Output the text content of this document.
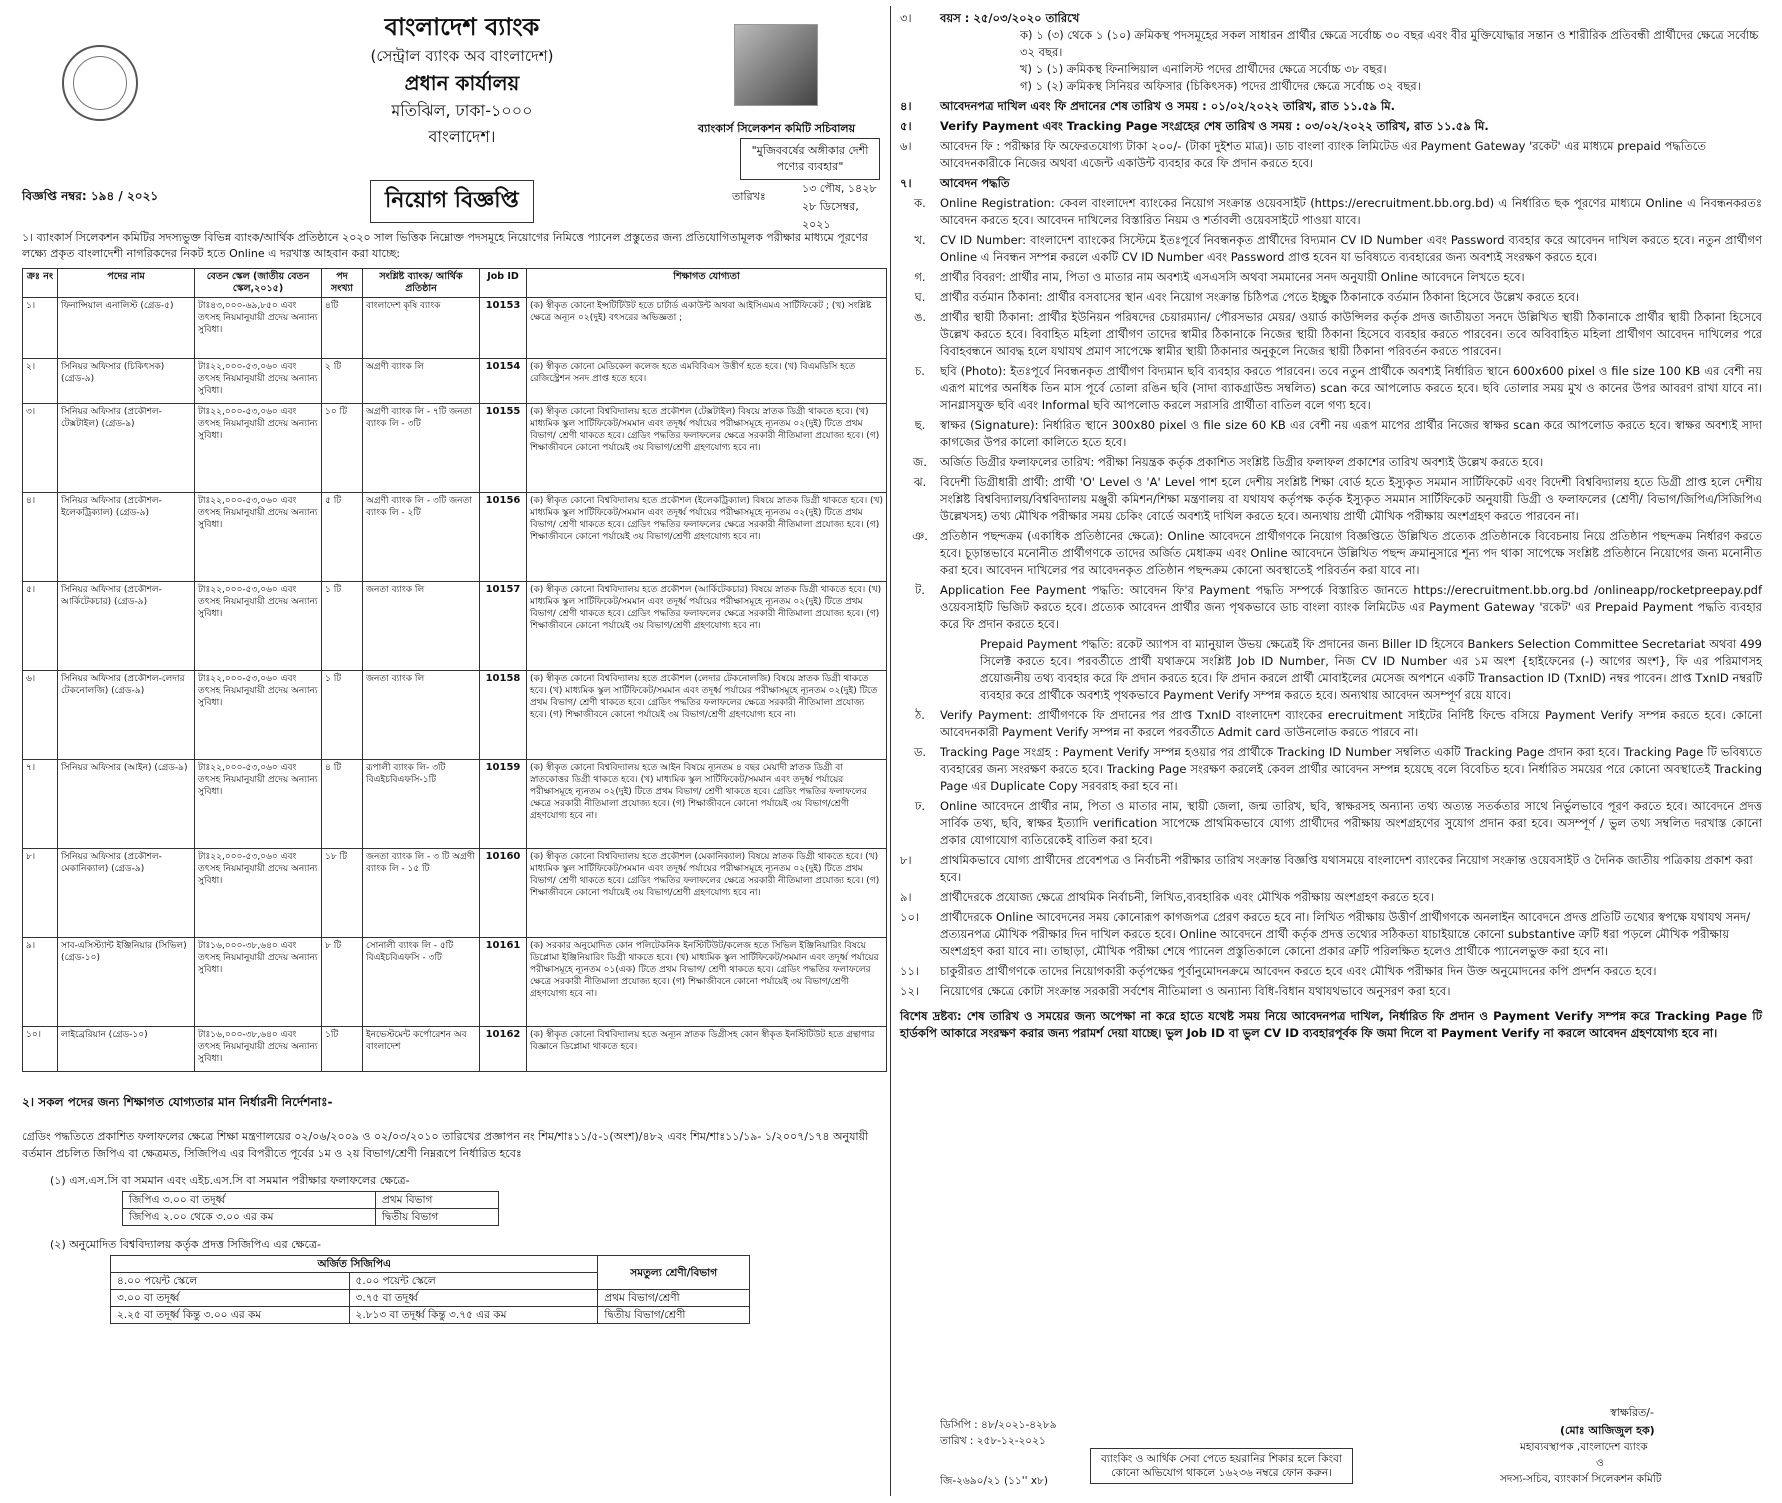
বাংলাদেশ ব্যাংক
(সেন্ট্রাল ব্যাংক অব বাংলাদেশ)
প্রধান কার্যালয়
মতিঝিল, ঢাকা-১০০০
বাংলাদেশ।	ব্যাংকার্স সিলেকশন কমিটি সচিবালয়
"মুজিববর্ষের অঙ্গীকার দেশী পণ্যের ব্যবহার"
বিজ্ঞপ্তি নম্বর: ১৯৪ / ২০২১	নিয়োগ বিজ্ঞপ্তি	তারিখঃ
১৩ পৌষ, ১৪২৮
২৮ ডিসেম্বর, ২০২১
১। ব্যাংকার্স সিলেকশন কমিটির সদস্যভুক্ত বিভিন্ন ব্যাংক/আর্থিক প্রতিষ্ঠানে ২০২০ সাল ভিত্তিক নিম্নোক্ত পদসমূহে নিয়োগের নিমিত্তে প্যানেল প্রস্তুতের জন্য প্রতিযোগিতামূলক পরীক্ষার মাধ্যমে পূরণের লক্ষ্যে প্রকৃত বাংলাদেশী নাগরিকদের নিকট হতে Online এ দরখাস্ত আহবান করা যাচ্ছে:
ক্রঃ নং	পদের নাম	বেতন স্কেল (জাতীয় বেতন স্কেল,২০১৫)	পদ সংখ্যা	সংশ্লিষ্ট ব্যাংক/ আর্থিক প্রতিষ্ঠান	Job ID	শিক্ষাগত যোগ্যতা
১।	ফিনান্সিয়াল এনালিস্ট (গ্রেড-৫)	টাঃ৪৩,০০০-৬৯,৮৫০ এবং তৎসহ নিয়মানুযায়ী প্রদেয় অন্যান্য সুবিধা।	৪টি	বাংলাদেশ কৃষি ব্যাংক	10153	(ক) স্বীকৃত কোনো ইন্সটিটিউট হতে চার্টার্ড একাউন্ট অথবা আইসিএমএ সার্টিফিকেট ; (খ) সংশ্লিষ্ট ক্ষেত্রে অন্যূন ০২(দুই) বৎসরের অভিজ্ঞতা ;
২।	সিনিয়র অফিসার (চিকিৎসক) (গ্রেড-৯)	টাঃ২২,০০০-৫৩,০৬০ এবং তৎসহ নিয়মানুযায়ী প্রদেয় অন্যান্য সুবিধা।	২ টি	অগ্রণী ব্যাংক লি	10154	(ক) স্বীকৃত কোনো মেডিকেল কলেজ হতে এমবিবিএস উত্তীর্ণ হতে হবে। (খ) বিএমডিসি হতে রেজিস্ট্রেশন সনদ প্রাপ্ত হতে হবে।
৩।	সিনিয়র অফিসার (প্রকৌশল-টেক্সটাইল) (গ্রেড-৯)	টাঃ২২,০০০-৫৩,০৬০ এবং তৎসহ নিয়মানুযায়ী প্রদেয় অন্যান্য সুবিধা।	১০ টি	অগ্রণী ব্যাংক লি - ৭টি জনতা ব্যাংক লি - ৩টি	10155	(ক) স্বীকৃত কোনো বিশ্ববিদ্যালয় হতে প্রকৌশল (টেক্সটাইল) বিষয়ে স্নাতক ডিগ্রী থাকতে হবে। (খ) মাধ্যমিক স্কুল সার্টিফিকেট/সমমান এবং তদূর্ধ্ব পর্যায়ের পরীক্ষাসমূহে ন্যূনতম ০২(দুই) টিতে প্রথম বিভাগ/ শ্রেণী থাকতে হবে। গ্রেডিং পদ্ধতির ফলাফলের ক্ষেত্রে সরকারী নীতিমালা প্রযোজ্য হবে। (গ) শিক্ষাজীবনে কোনো পর্যায়েই ৩য় বিভাগ/শ্রেণী গ্রহণযোগ্য হবে না।
৪।	সিনিয়র অফিসার (প্রকৌশল-ইলেকট্রিক্যাল) (গ্রেড-৯)	টাঃ২২,০০০-৫৩,০৬০ এবং তৎসহ নিয়মানুযায়ী প্রদেয় অন্যান্য সুবিধা।	৫ টি	অগ্রণী ব্যাংক লি - ৩টি জনতা ব্যাংক লি - ২টি	10156	(ক) স্বীকৃত কোনো বিশ্ববিদ্যালয় হতে প্রকৌশল (ইলেকট্রিক্যাল) বিষয়ে স্নাতক ডিগ্রী থাকতে হবে। (খ) মাধ্যমিক স্কুল সার্টিফিকেট/সমমান এবং তদূর্ধ্ব পর্যায়ের পরীক্ষাসমূহে ন্যূনতম ০২(দুই) টিতে প্রথম বিভাগ/ শ্রেণী থাকতে হবে। গ্রেডিং পদ্ধতির ফলাফলের ক্ষেত্রে সরকারী নীতিমালা প্রযোজ্য হবে। (গ) শিক্ষাজীবনে কোনো পর্যায়েই ৩য় বিভাগ/শ্রেণী গ্রহণযোগ্য হবে না।
৫।	সিনিয়র অফিসার (প্রকৌশল-আর্কিটেকচার) (গ্রেড-৯)	টাঃ২২,০০০-৫৩,০৬০ এবং তৎসহ নিয়মানুযায়ী প্রদেয় অন্যান্য সুবিধা।	১ টি	জনতা ব্যাংক লি	10157	(ক) স্বীকৃত কোনো বিশ্ববিদ্যালয় হতে প্রকৌশল (আর্কিটেকচার) বিষয়ে স্নাতক ডিগ্রী থাকতে হবে। (খ) মাধ্যমিক স্কুল সার্টিফিকেট/সমমান এবং তদূর্ধ্ব পর্যায়ের পরীক্ষাসমূহে ন্যূনতম ০২(দুই) টিতে প্রথম বিভাগ/ শ্রেণী থাকতে হবে। গ্রেডিং পদ্ধতির ফলাফলের ক্ষেত্রে সরকারী নীতিমালা প্রযোজ্য হবে। (গ) শিক্ষাজীবনে কোনো পর্যায়েই ৩য় বিভাগ/শ্রেণী গ্রহণযোগ্য হবে না।
৬।	সিনিয়র অফিসার (প্রকৌশল-লেদার টেকনোলজি) (গ্রেড-৯)	টাঃ২২,০০০-৫৩,০৬০ এবং তৎসহ নিয়মানুযায়ী প্রদেয় অন্যান্য সুবিধা।	১ টি	জনতা ব্যাংক লি	10158	(ক) স্বীকৃত কোনো বিশ্ববিদ্যালয় হতে প্রকৌশল (লেদার টেকনোলজি) বিষয়ে স্নাতক ডিগ্রী থাকতে হবে। (খ) মাধ্যমিক স্কুল সার্টিফিকেট/সমমান এবং তদূর্ধ্ব পর্যায়ের পরীক্ষাসমূহে ন্যূনতম ০২(দুই) টিতে প্রথম বিভাগ/ শ্রেণী থাকতে হবে। গ্রেডিং পদ্ধতির ফলাফলের ক্ষেত্রে সরকারী নীতিমালা প্রযোজ্য হবে। (গ) শিক্ষাজীবনে কোনো পর্যায়েই ৩য় বিভাগ/শ্রেণী গ্রহণযোগ্য হবে না।
৭।	সিনিয়র অফিসার (আইন) (গ্রেড-৯)	টাঃ২২,০০০-৫৩,০৬০ এবং তৎসহ নিয়মানুযায়ী প্রদেয় অন্যান্য সুবিধা।	৪ টি	রূপালী ব্যাংক লি- ৩টি বিএইচবিএফসি-১টি	10159	(ক) স্বীকৃত কোনো বিশ্ববিদ্যালয় হতে আইন বিষয়ে ন্যূনতম ৪ বছর মেয়াদী স্নাতক ডিগ্রী বা স্নাতকোত্তর ডিগ্রী থাকতে হবে। (খ) মাধ্যমিক স্কুল সার্টিফিকেট/সমমান এবং তদূর্ধ্ব পর্যায়ের পরীক্ষাসমূহে ন্যূনতম ০২(দুই) টিতে প্রথম বিভাগ/ শ্রেণী থাকতে হবে। গ্রেডিং পদ্ধতির ফলাফলের ক্ষেত্রে সরকারী নীতিমালা প্রযোজ্য হবে। (গ) শিক্ষাজীবনে কোনো পর্যায়েই ৩য় বিভাগ/শ্রেণী গ্রহণযোগ্য হবে না।
৮।	সিনিয়র অফিসার (প্রকৌশল-মেকানিক্যাল) (গ্রেড-৯)	টাঃ২২,০০০-৫৩,০৬০ এবং তৎসহ নিয়মানুযায়ী প্রদেয় অন্যান্য সুবিধা।	১৮ টি	জনতা ব্যাংক লি - ৩ টি অগ্রণী ব্যাংক লি - ১৫ টি	10160	(ক) স্বীকৃত কোনো বিশ্ববিদ্যালয় হতে প্রকৌশল (মেকানিক্যাল) বিষয়ে স্নাতক ডিগ্রী থাকতে হবে। (খ) মাধ্যমিক স্কুল সার্টিফিকেট/সমমান এবং তদূর্ধ্ব পর্যায়ের পরীক্ষাসমূহে ন্যূনতম ০২(দুই) টিতে প্রথম বিভাগ/ শ্রেণী থাকতে হবে। গ্রেডিং পদ্ধতির ফলাফলের ক্ষেত্রে সরকারী নীতিমালা প্রযোজ্য হবে। (গ) শিক্ষাজীবনে কোনো পর্যায়েই ৩য় বিভাগ/শ্রেণী গ্রহণযোগ্য হবে না।
৯।	সাব-এসিস্ট্যান্ট ইঞ্জিনিয়ার (সিভিল) (গ্রেড-১০)	টাঃ১৬,০০০-৩৮,৬৪০ এবং তৎসহ নিয়মানুযায়ী প্রদেয় অন্যান্য সুবিধা।	৮ টি	সোনালী ব্যাংক লি - ৫টি বিএইচবিএফসি - ৩টি	10161	(ক) সরকার অনুমোদিত কোন পলিটেকনিক ইনস্টিটিউট/কলেজ হতে সিভিল ইঞ্জিনিয়ারিং বিষয়ে ডিপ্লোমা ইঞ্জিনিয়ারিং ডিগ্রী থাকতে হবে। (খ) মাধ্যমিক স্কুল সার্টিফিকেট/সমমান এবং তদূর্ধ্ব পর্যায়ের পরীক্ষাসমূহে ন্যূনতম ০১(এক) টিতে প্রথম বিভাগ/ শ্রেণী থাকতে হবে। গ্রেডিং পদ্ধতির ফলাফলের ক্ষেত্রে সরকারী নীতিমালা প্রযোজ্য হবে। (গ) শিক্ষাজীবনে কোনো পর্যায়েই ৩য় বিভাগ/শ্রেণী গ্রহণযোগ্য হবে না।
১০।	লাইব্রেরিয়ান (গ্রেড-১০)	টাঃ১৬,০০০-৩৮,৬৪০ এবং তৎসহ নিয়মানুযায়ী প্রদেয় অন্যান্য সুবিধা।	১টি	ইনভেস্টমেন্ট কর্পোরেশন অব বাংলাদেশ	10162	(ক) স্বীকৃত কোনো বিশ্ববিদ্যালয় হতে অন্যূন স্নাতক ডিগ্রীসহ কোন স্বীকৃত ইনস্টিটিউট হতে গ্রন্থাগার বিজ্ঞানে ডিপ্লোমা থাকতে হবে।
২। সকল পদের জন্য শিক্ষাগত যোগ্যতার মান নির্ধারনী নির্দেশনাঃ-
গ্রেডিং পদ্ধতিতে প্রকাশিত ফলাফলের ক্ষেত্রে শিক্ষা মন্ত্রণালয়ের ০২/০৬/২০০৯ ও ০২/০৩/২০১০ তারিখের প্রজ্ঞাপন নং শিম/শাঃ১১/৫-১(অংশ)/৪৮২ এবং শিম/শাঃ১১/১৯- ১/২০০৭/১৭৪ অনুযায়ী বর্তমান প্রচলিত জিপিএ বা ক্ষেত্রমত, সিজিপিএ এর বিপরীতে পূর্বের ১ম ও ২য় বিভাগ/শ্রেণী নিম্নরূপে নির্ধারিত হবেঃ
(১) এস.এস.সি বা সমমান এবং এইচ.এস.সি বা সমমান পরীক্ষার ফলাফলের ক্ষেত্রে-
জিপিএ ৩.০০ বা তদূর্ধ্ব	প্রথম বিভাগ
জিপিএ ২.০০ থেকে ৩.০০ এর কম	দ্বিতীয় বিভাগ
(২) অনুমোদিত বিশ্ববিদ্যালয় কর্তৃক প্রদত্ত সিজিপিএ এর ক্ষেত্রে-
অর্জিত সিজিপিএ		সমতুল্য শ্রেণী/বিভাগ
৪.০০ পয়েন্ট স্কেলে	৫.০০ পয়েন্ট স্কেলে	
৩.০০ বা তদূর্ধ্ব	৩.৭৫ বা তদূর্ধ্ব	প্রথম বিভাগ/শ্রেণী
২.২৫ বা তদূর্ধ্ব কিন্তু ৩.০০ এর কম	২.৮১৩ বা তদূর্ধ্ব কিন্তু ৩.৭৫ এর কম	দ্বিতীয় বিভাগ/শ্রেণী
৩।	বয়স : ২৫/০৩/২০২০ তারিখে
ক) ১ (৩) থেকে ১ (১০) ক্রমিকস্থ পদসমূহের সকল সাধারন প্রার্থীর ক্ষেত্রে সর্বোচ্চ ৩০ বছর এবং বীর মুক্তিযোদ্ধার সন্তান ও শারীরিক প্রতিবন্ধী প্রার্থীদের ক্ষেত্রে সর্বোচ্চ ৩২ বছর।
খ) ১ (১) ক্রমিকস্থ ফিনান্সিয়াল এনালিস্ট পদের প্রার্থীদের ক্ষেত্রে সর্বোচ্চ ৩৮ বছর।
গ) ১ (২) ক্রমিকস্থ সিনিয়র অফিসার (চিকিৎসক) পদের প্রার্থীদের ক্ষেত্রে সর্বোচ্চ ৩২ বছর।
৪।	আবেদনপত্র দাখিল এবং ফি প্রদানের শেষ তারিখ ও সময় : ০১/০২/২০২২ তারিখ, রাত ১১.৫৯ মি.
৫।	Verify Payment এবং Tracking Page সংগ্রহের শেষ তারিখ ও সময় : ০৩/০২/২০২২ তারিখ, রাত ১১.৫৯ মি.
৬।	আবেদন ফি : পরীক্ষার ফি অফেরতযোগ্য টাকা ২০০/- (টাকা দুইশত মাত্র)। ডাচ বাংলা ব্যাংক লিমিটেড এর Payment Gateway 'রকেট' এর মাধ্যমে prepaid পদ্ধতিতে আবেদনকারীকে নিজের অথবা এজেন্ট একাউন্ট ব্যবহার করে ফি প্রদান করতে হবে।
৭।	আবেদন পদ্ধতি
ক.	Online Registration: কেবল বাংলাদেশ ব্যাংকের নিয়োগ সংক্রান্ত ওয়েবসাইট (https://erecruitment.bb.org.bd) এ নির্ধারিত ছক পূরণের মাধ্যমে Online এ নিবন্ধনকরতঃ আবেদন করতে হবে। আবেদন দাখিলের বিস্তারিত নিয়ম ও শর্তাবলী ওয়েবসাইটে পাওয়া যাবে।
খ.	CV ID Number: বাংলাদেশ ব্যাংকের সিস্টেমে ইতঃপূর্বে নিবন্ধনকৃত প্রার্থীদের বিদ্যমান CV ID Number এবং Password ব্যবহার করে আবেদন দাখিল করতে হবে। নতুন প্রার্থীগণ Online এ নিবন্ধন সম্পন্ন করলে একটি CV ID Number এবং Password প্রাপ্ত হবেন যা ভবিষ্যতে ব্যবহারের জন্য অবশ্যই সংরক্ষণ করতে হবে।
গ.	প্রার্থীর বিবরণ: প্রার্থীর নাম, পিতা ও মাতার নাম অবশ্যই এসএসসি অথবা সমমানের সনদ অনুযায়ী Online আবেদনে লিখতে হবে।
ঘ.	প্রার্থীর বর্তমান ঠিকানা: প্রার্থীর বসবাসের স্থান এবং নিয়োগ সংক্রান্ত চিঠিপত্র পেতে ইচ্ছুক ঠিকানাকে বর্তমান ঠিকানা হিসেবে উল্লেখ করতে হবে।
ঙ.	প্রার্থীর স্থায়ী ঠিকানা: প্রার্থীর ইউনিয়ন পরিষদের চেয়ারম্যান/ পৌরসভার মেয়র/ ওয়ার্ড কাউন্সিলর কর্তৃক প্রদত্ত জাতীয়তা সনদে উল্লিখিত স্থায়ী ঠিকানাকে প্রার্থীর স্থায়ী ঠিকানা হিসেবে উল্লেখ করতে হবে। বিবাহিত মহিলা প্রার্থীগণ তাদের স্বামীর ঠিকানাকে নিজের স্থায়ী ঠিকানা হিসেবে ব্যবহার করতে পারবেন। তবে অবিবাহিত মহিলা প্রার্থীগণ আবেদন দাখিলের পরে বিবাহবন্ধনে আবদ্ধ হলে যথাযথ প্রমাণ সাপেক্ষে স্বামীর স্থায়ী ঠিকানার অনুকূলে নিজের স্থায়ী ঠিকানা পরিবর্তন করতে পারবেন।
চ.	ছবি (Photo): ইতঃপূর্বে নিবন্ধনকৃত প্রার্থীগণ বিদ্যমান ছবি ব্যবহার করতে পারবেন। তবে নতুন প্রার্থীকে অবশ্যই নির্ধারিত স্থানে 600x600 pixel ও file size 100 KB এর বেশী নয় এরূপ মাপের অনধিক তিন মাস পূর্বে তোলা রঙিন ছবি (সাদা ব্যাকগ্রাউন্ড সম্বলিত) scan করে আপলোড করতে হবে। ছবি তোলার সময় মুখ ও কানের উপর আবরণ রাখা যাবে না। সানগ্লাসযুক্ত ছবি এবং Informal ছবি আপলোড করলে সরাসরি প্রার্থীতা বাতিল বলে গণ্য হবে।
ছ.	স্বাক্ষর (Signature): নির্ধারিত স্থানে 300x80 pixel ও file size 60 KB এর বেশী নয় এরূপ মাপের প্রার্থীর নিজের স্বাক্ষর scan করে আপলোড করতে হবে। স্বাক্ষর অবশ্যই সাদা কাগজের উপর কালো কালিতে হতে হবে।
জ.	অর্জিত ডিগ্রীর ফলাফলের তারিখ: পরীক্ষা নিয়ন্ত্রক কর্তৃক প্রকাশিত সংশ্লিষ্ট ডিগ্রীর ফলাফল প্রকাশের তারিখ অবশ্যই উল্লেখ করতে হবে।
ঝ.	বিদেশী ডিগ্রীধারী প্রার্থী: প্রার্থী 'O' Level ও 'A' Level পাশ হলে দেশীয় সংশ্লিষ্ট শিক্ষা বোর্ড হতে ইস্যুকৃত সমমান সার্টিফিকেট এবং বিদেশী বিশ্ববিদ্যালয় হতে ডিগ্রী প্রাপ্ত হলে দেশীয় সংশ্লিষ্ট বিশ্ববিদ্যালয়/বিশ্ববিদ্যালয় মঞ্জুরী কমিশন/শিক্ষা মন্ত্রণালয় বা যথাযথ কর্তৃপক্ষ কর্তৃক ইস্যুকৃত সমমান সার্টিফিকেট অনুযায়ী ডিগ্রী ও ফলাফলের (শ্রেণী/ বিভাগ/জিপিএ/সিজিপিএ উল্লেখসহ) তথ্য মৌখিক পরীক্ষার সময় চেকিং বোর্ডে অবশ্যই দাখিল করতে হবে। অন্যথায় প্রার্থী মৌখিক পরীক্ষায় অংশগ্রহণ করতে পারবেন না।
ঞ.	প্রতিষ্ঠান পছন্দক্রম (একাধিক প্রতিষ্ঠানের ক্ষেত্রে): Online আবেদনে প্রার্থীগণকে নিয়োগ বিজ্ঞপ্তিতে উল্লিখিত প্রত্যেক প্রতিষ্ঠানকে বিবেচনায় নিয়ে প্রতিষ্ঠান পছন্দক্রম নির্ধারণ করতে হবে। চূড়ান্তভাবে মনোনীত প্রার্থীগণকে তাদের অর্জিত মেধাক্রম এবং Online আবেদনে উল্লিখিত পছন্দ ক্রমানুসারে শূন্য পদ থাকা সাপেক্ষে সংশ্লিষ্ট প্রতিষ্ঠানে নিয়োগের জন্য মনোনীত করা হবে। আবেদন দাখিলের পর আবেদনকৃত প্রতিষ্ঠান পছন্দক্রম কোনো অবস্থাতেই পরিবর্তন করা যাবে না।
ট.	Application Fee Payment পদ্ধতি: আবেদন ফি'র Payment পদ্ধতি সম্পর্কে বিস্তারিত জানতে https://erecruitment.bb.org.bd /onlineapp/rocketpreepay.pdf ওয়েবসাইটি ভিজিট করতে হবে। প্রত্যেক আবেদন প্রার্থীর জন্য পৃথকভাবে ডাচ বাংলা ব্যাংক লিমিটেড এর Payment Gateway 'রকেট' এর Prepaid Payment পদ্ধতি ব্যবহার করে ফি প্রদান করতে হবে।
Prepaid Payment পদ্ধতি: রকেট অ্যাপস বা ম্যানুয়াল উভয় ক্ষেত্রেই ফি প্রদানের জন্য Biller ID হিসেবে Bankers Selection Committee Secretariat অথবা 499 সিলেক্ট করতে হবে। পরবর্তীতে প্রার্থী যথাক্রমে সংশ্লিষ্ট Job ID Number, নিজ CV ID Number এর ১ম অংশ {হাইফেনের (-) আগের অংশ}, ফি এর পরিমাণসহ প্রয়োজনীয় তথ্য ব্যবহার করে ফি প্রদান করতে হবে। ফি প্রদান করলে প্রার্থী মোবাইলের মেসেজ অপশনে একটি Transaction ID (TxnID) নম্বর পাবেন। প্রাপ্ত TxnID নম্বরটি ব্যবহার করে প্রার্থীকে অবশ্যই পৃথকভাবে Payment Verify সম্পন্ন করতে হবে। অন্যথায় আবেদন অসম্পূর্ণ রয়ে যাবে।
ঠ.	Verify Payment: প্রার্থীগণকে ফি প্রদানের পর প্রাপ্ত TxnID বাংলাদেশ ব্যাংকের erecruitment সাইটের নির্দিষ্ট ফিল্ডে বসিয়ে Payment Verify সম্পন্ন করতে হবে। কোনো আবেদনকারী Payment Verify সম্পন্ন না করলে পরবর্তীতে Admit card ডাউনলোড করতে পারবে না।
ড.	Tracking Page সংগ্রহ : Payment Verify সম্পন্ন হওয়ার পর প্রার্থীকে Tracking ID Number সম্বলিত একটি Tracking Page প্রদান করা হবে। Tracking Page টি ভবিষ্যতে ব্যবহারের জন্য সংরক্ষণ করতে হবে। Tracking Page সংরক্ষণ করলেই কেবল প্রার্থীর আবেদন সম্পন্ন হয়েছে বলে বিবেচিত হবে। নির্ধারিত সময়ের পরে কোনো অবস্থাতেই Tracking Page এর Duplicate Copy সরবরাহ করা হবে না।
ঢ.	Online আবেদনে প্রার্থীর নাম, পিতা ও মাতার নাম, স্থায়ী জেলা, জন্ম তারিখ, ছবি, স্বাক্ষরসহ অন্যান্য তথ্য অত্যন্ত সতর্কতার সাথে নির্ভুলভাবে পূরণ করতে হবে। আবেদনে প্রদত্ত সার্বিক তথ্য, ছবি, স্বাক্ষর ইত্যাদি verification সাপেক্ষে প্রাথমিকভাবে যোগ্য প্রার্থীদের পরীক্ষায় অংশগ্রহণের সুযোগ প্রদান করা হবে। অসম্পূর্ণ / ভুল তথ্য সম্বলিত দরখাস্ত কোনো প্রকার যোগাযোগ ব্যতিরেকেই বাতিল করা হবে।
৮।	প্রাথমিকভাবে যোগ্য প্রার্থীদের প্রবেশপত্র ও নির্বাচনী পরীক্ষার তারিখ সংক্রান্ত বিজ্ঞপ্তি যথাসময়ে বাংলাদেশ ব্যাংকের নিয়োগ সংক্রান্ত ওয়েবসাইট ও দৈনিক জাতীয় পত্রিকায় প্রকাশ করা হবে।
৯।	প্রার্থীদেরকে প্রযোজ্য ক্ষেত্রে প্রাথমিক নির্বাচনী, লিখিত,ব্যবহারিক এবং মৌখিক পরীক্ষায় অংশগ্রহণ করতে হবে।
১০।	প্রার্থীদেরকে Online আবেদনের সময় কোনোরূপ কাগজপত্র প্রেরণ করতে হবে না। লিখিত পরীক্ষায় উত্তীর্ণ প্রার্থীগণকে অনলাইন আবেদনে প্রদত্ত প্রতিটি তথ্যের স্বপক্ষে যথাযথ সনদ/প্রত্যয়নপত্র মৌখিক পরীক্ষার দিন দাখিল করতে হবে। Online আবেদনে প্রার্থী কর্তৃক প্রদত্ত তথ্যের সঠিকতা যাচাইয়ান্তে কোনো substantive ত্রুটি ধরা পড়লে মৌখিক পরীক্ষায় অংশগ্রহণ করা যাবে না। তাছাড়া, মৌখিক পরীক্ষা শেষে প্যানেল প্রস্তুতিকালে কোনো প্রকার ত্রুটি পরিলক্ষিত হলেও প্রার্থীকে প্যানেলভুক্ত করা হবে না।
১১।	চাকুরীরত প্রার্থীগণকে তাদের নিয়োগকারী কর্তৃপক্ষের পূর্বানুমোদনক্রমে আবেদন করতে হবে এবং মৌখিক পরীক্ষার দিন উক্ত অনুমোদনের কপি প্রদর্শন করতে হবে।
১২।	নিয়োগের ক্ষেত্রে কোটা সংক্রান্ত সরকারী সর্বশেষ নীতিমালা ও অন্যান্য বিধি-বিধান যথাযথভাবে অনুসরণ করা হবে।
বিশেষ দ্রষ্টব্য: শেষ তারিখ ও সময়ের জন্য অপেক্ষা না করে হাতে যথেষ্ট সময় নিয়ে আবেদনপত্র দাখিল, নির্ধারিত ফি প্রদান ও Payment Verify সম্পন্ন করে Tracking Page টি হার্ডকপি আকারে সংরক্ষণ করার জন্য পরামর্শ দেয়া যাচ্ছে। ভুল Job ID বা ভুল CV ID ব্যবহারপূর্বক ফি জমা দিলে বা Payment Verify না করলে আবেদন গ্রহণযোগ্য হবে না।
স্বাক্ষরিত/-
(মোঃ আজিজুল হক)
মহাব্যবস্থাপক ,বাংলাদেশ ব্যাংক
ও
সদস্য-সচিব, ব্যাংকার্স সিলেকশন কমিটি
ডিসিপি : ৪৮/২০২১-৪২৮৯
তারিখ : ২৫৮-১২-২০২১
জি-২৬৯০/২১ (১১'' x৮)
ব্যাংকিং ও আর্থিক সেবা পেতে হয়রানির শিকার হলে কিংবা কোনো অভিযোগ থাকলে ১৬২৩৬ নম্বরে ফোন করুন।
